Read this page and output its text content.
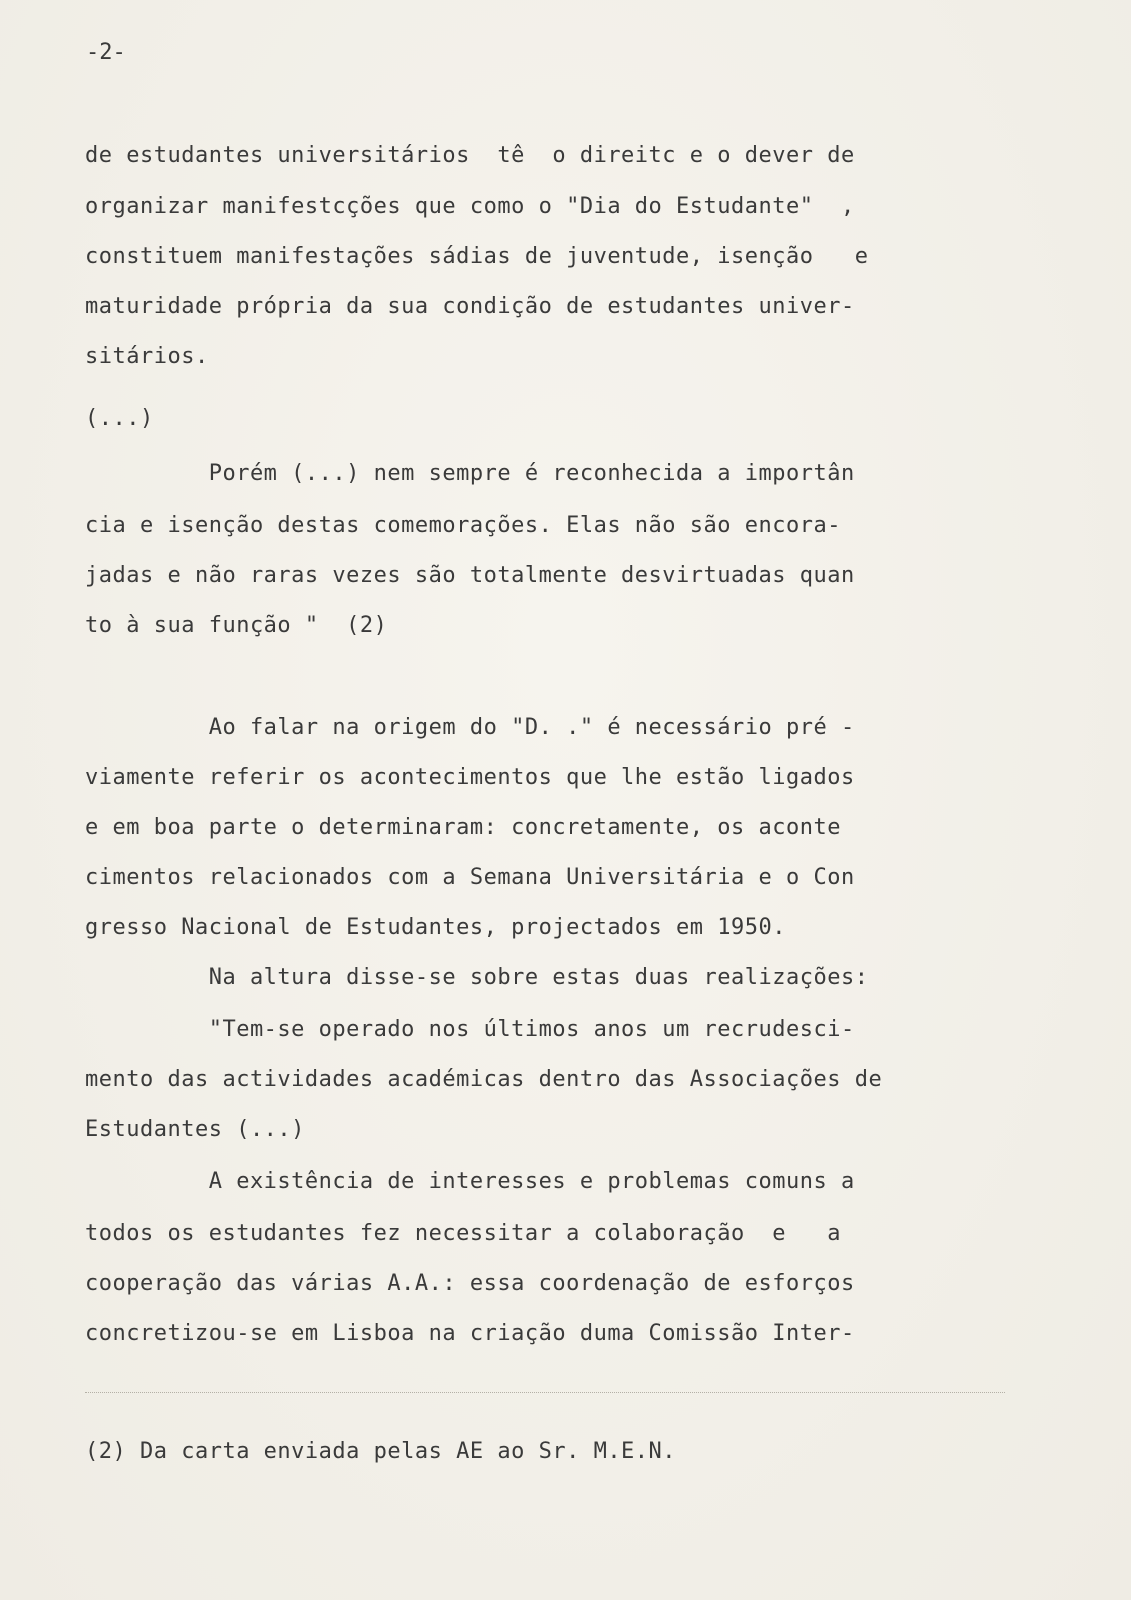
-2-
de estudantes universitários  tê  o direitc e o dever de
organizar manifestcções que como o "Dia do Estudante"  ,
constituem manifestações sádias de juventude, isenção   e
maturidade própria da sua condição de estudantes univer-
sitários.
(...)
Porém (...) nem sempre é reconhecida a importân
cia e isenção destas comemorações. Elas não são encora-
jadas e não raras vezes são totalmente desvirtuadas quan
to à sua função "  (2)
Ao falar na origem do "D. ." é necessário pré -
viamente referir os acontecimentos que lhe estão ligados
e em boa parte o determinaram: concretamente, os aconte
cimentos relacionados com a Semana Universitária e o Con
gresso Nacional de Estudantes, projectados em 1950.
Na altura disse-se sobre estas duas realizações:
"Tem-se operado nos últimos anos um recrudesci-
mento das actividades académicas dentro das Associações de
Estudantes (...)
A existência de interesses e problemas comuns a
todos os estudantes fez necessitar a colaboração  e   a
cooperação das várias A.A.: essa coordenação de esforços
concretizou-se em Lisboa na criação duma Comissão Inter-
(2) Da carta enviada pelas AE ao Sr. M.E.N.
